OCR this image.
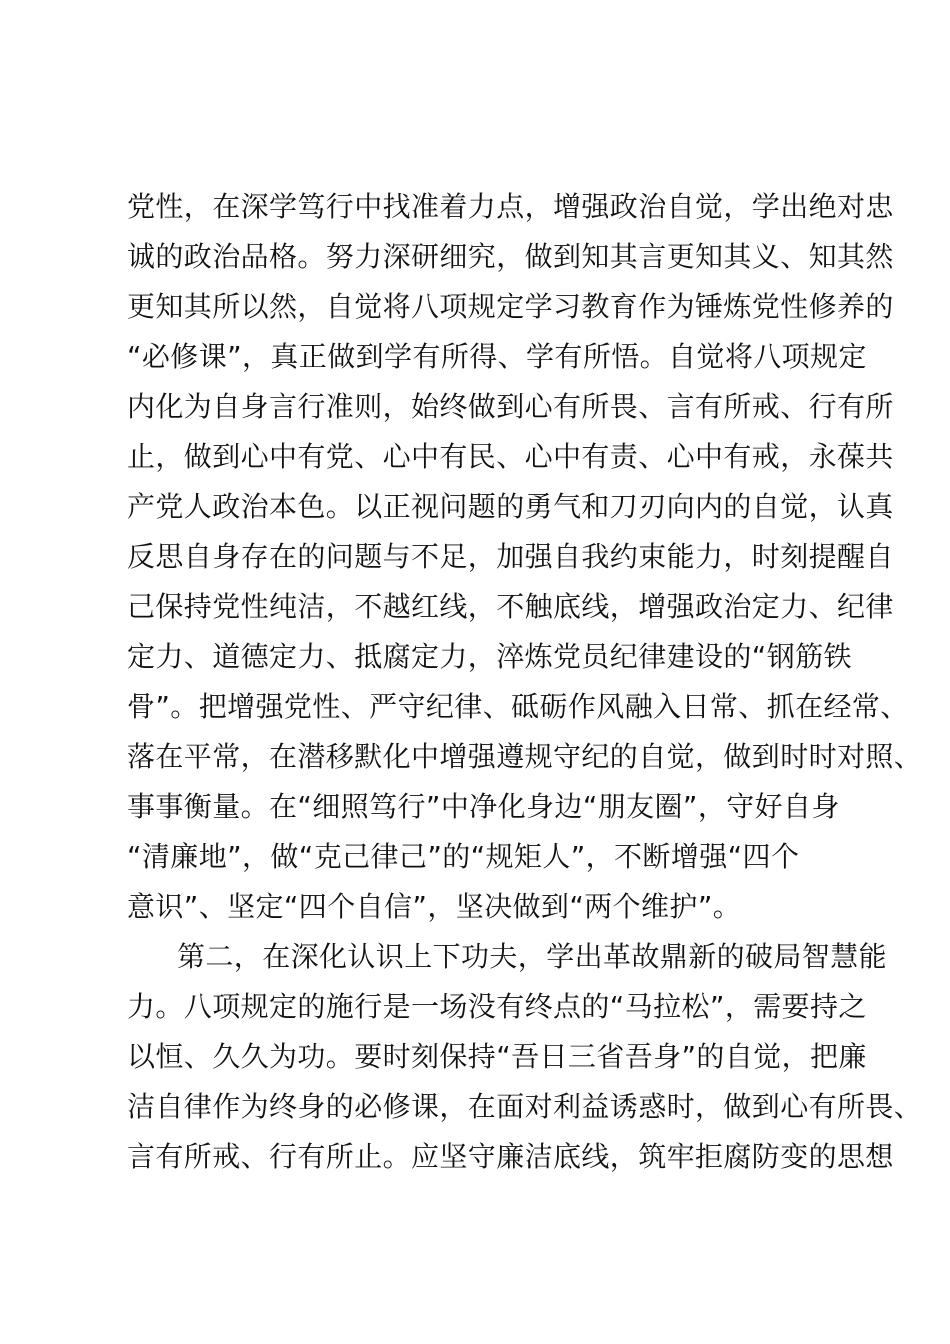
党性，在深学笃行中找准着力点，增强政治自觉，学出绝对忠
诚的政治品格。努力深研细究，做到知其言更知其义、知其然
更知其所以然，自觉将八项规定学习教育作为锤炼党性修养的
“必修课”，真正做到学有所得、学有所悟。自觉将八项规定
内化为自身言行准则，始终做到心有所畏、言有所戒、行有所
止，做到心中有党、心中有民、心中有责、心中有戒，永葆共
产党人政治本色。以正视问题的勇气和刀刃向内的自觉，认真
反思自身存在的问题与不足，加强自我约束能力，时刻提醒自
己保持党性纯洁，不越红线，不触底线，增强政治定力、纪律
定力、道德定力、抵腐定力，淬炼党员纪律建设的“钢筋铁
骨”。把增强党性、严守纪律、砥砺作风融入日常、抓在经常、
落在平常，在潜移默化中增强遵规守纪的自觉，做到时时对照、
事事衡量。在“细照笃行”中净化身边“朋友圈”，守好自身
“清廉地”，做“克己律己”的“规矩人”，不断增强“四个
意识”、坚定“四个自信”，坚决做到“两个维护”。
第二，在深化认识上下功夫，学出革故鼎新的破局智慧能
力。八项规定的施行是一场没有终点的“马拉松”，需要持之
以恒、久久为功。要时刻保持“吾日三省吾身”的自觉，把廉
洁自律作为终身的必修课，在面对利益诱惑时，做到心有所畏、
言有所戒、行有所止。应坚守廉洁底线，筑牢拒腐防变的思想
